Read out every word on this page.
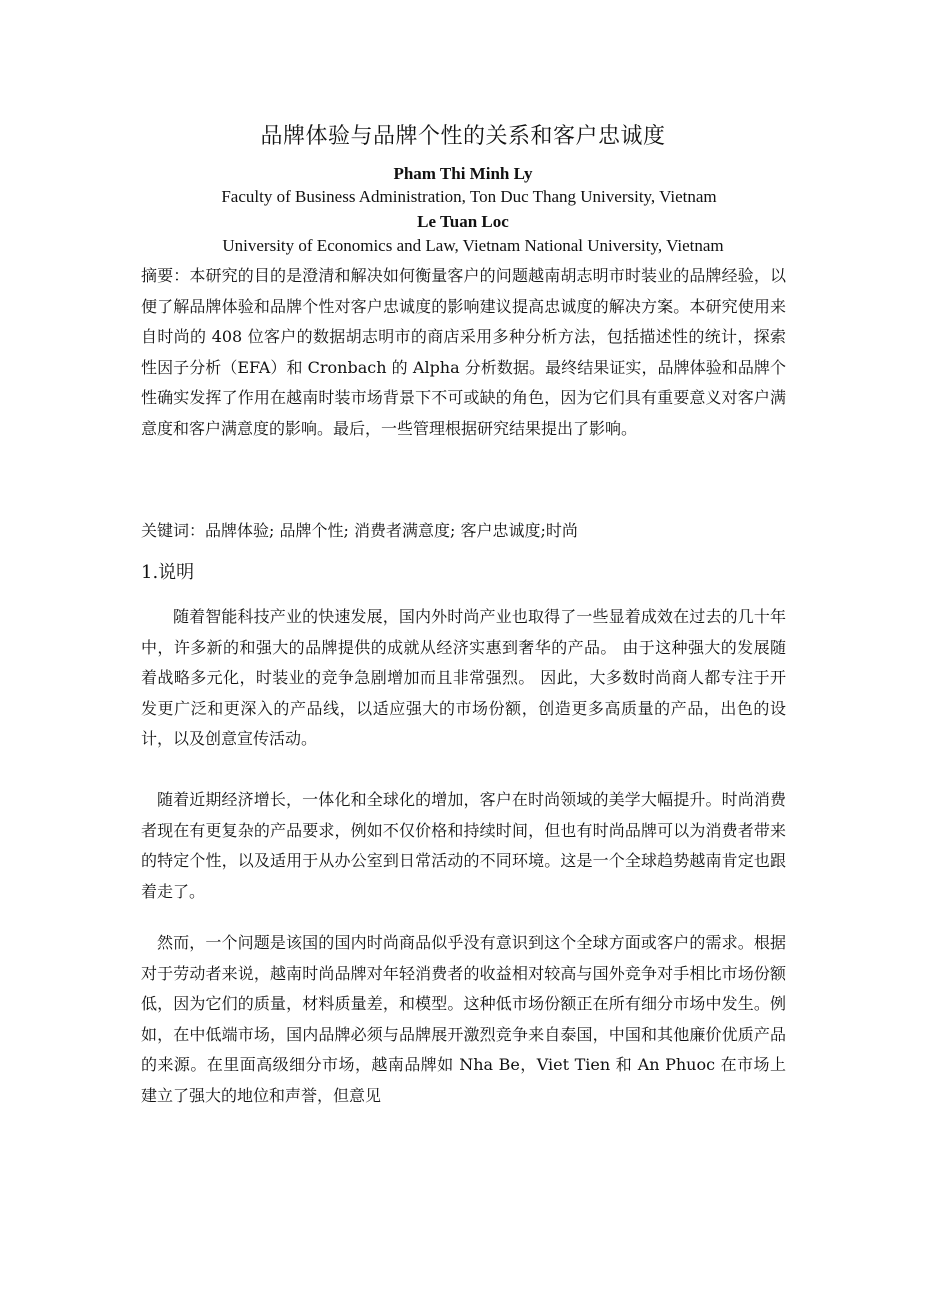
品牌体验与品牌个性的关系和客户忠诚度
Pham Thi Minh Ly
Faculty of Business Administration, Ton Duc Thang University, Vietnam
Le Tuan Loc
University of Economics and Law, Vietnam National University, Vietnam
摘要：本研究的目的是澄清和解决如何衡量客户的问题越南胡志明市时装业的品牌经验，以便了解品牌体验和品牌个性对客户忠诚度的影响建议提高忠诚度的解决方案。本研究使用来自时尚的 408 位客户的数据胡志明市的商店采用多种分析方法，包括描述性的统计，探索性因子分析（EFA）和 Cronbach 的 Alpha 分析数据。最终结果证实，品牌体验和品牌个性确实发挥了作用在越南时装市场背景下不可或缺的角色，因为它们具有重要意义对客户满意度和客户满意度的影响。最后，一些管理根据研究结果提出了影响。
关键词：品牌体验; 品牌个性; 消费者满意度; 客户忠诚度;时尚
1.说明
随着智能科技产业的快速发展，国内外时尚产业也取得了一些显着成效在过去的几十年中，许多新的和强大的品牌提供的成就从经济实惠到奢华的产品。 由于这种强大的发展随着战略多元化，时装业的竞争急剧增加而且非常强烈。 因此，大多数时尚商人都专注于开发更广泛和更深入的产品线，以适应强大的市场份额，创造更多高质量的产品，出色的设计，以及创意宣传活动。
随着近期经济增长，一体化和全球化的增加，客户在时尚领域的美学大幅提升。时尚消费者现在有更复杂的产品要求，例如不仅价格和持续时间，但也有时尚品牌可以为消费者带来的特定个性，以及适用于从办公室到日常活动的不同环境。这是一个全球趋势越南肯定也跟着走了。
然而，一个问题是该国的国内时尚商品似乎没有意识到这个全球方面或客户的需求。根据对于劳动者来说，越南时尚品牌对年轻消费者的收益相对较高与国外竞争对手相比市场份额低，因为它们的质量，材料质量差，和模型。这种低市场份额正在所有细分市场中发生。例如，在中低端市场，国内品牌必须与品牌展开激烈竞争来自泰国，中国和其他廉价优质产品的来源。在里面高级细分市场，越南品牌如 Nha Be，Viet Tien 和 An Phuoc 在市场上建立了强大的地位和声誉，但意见
